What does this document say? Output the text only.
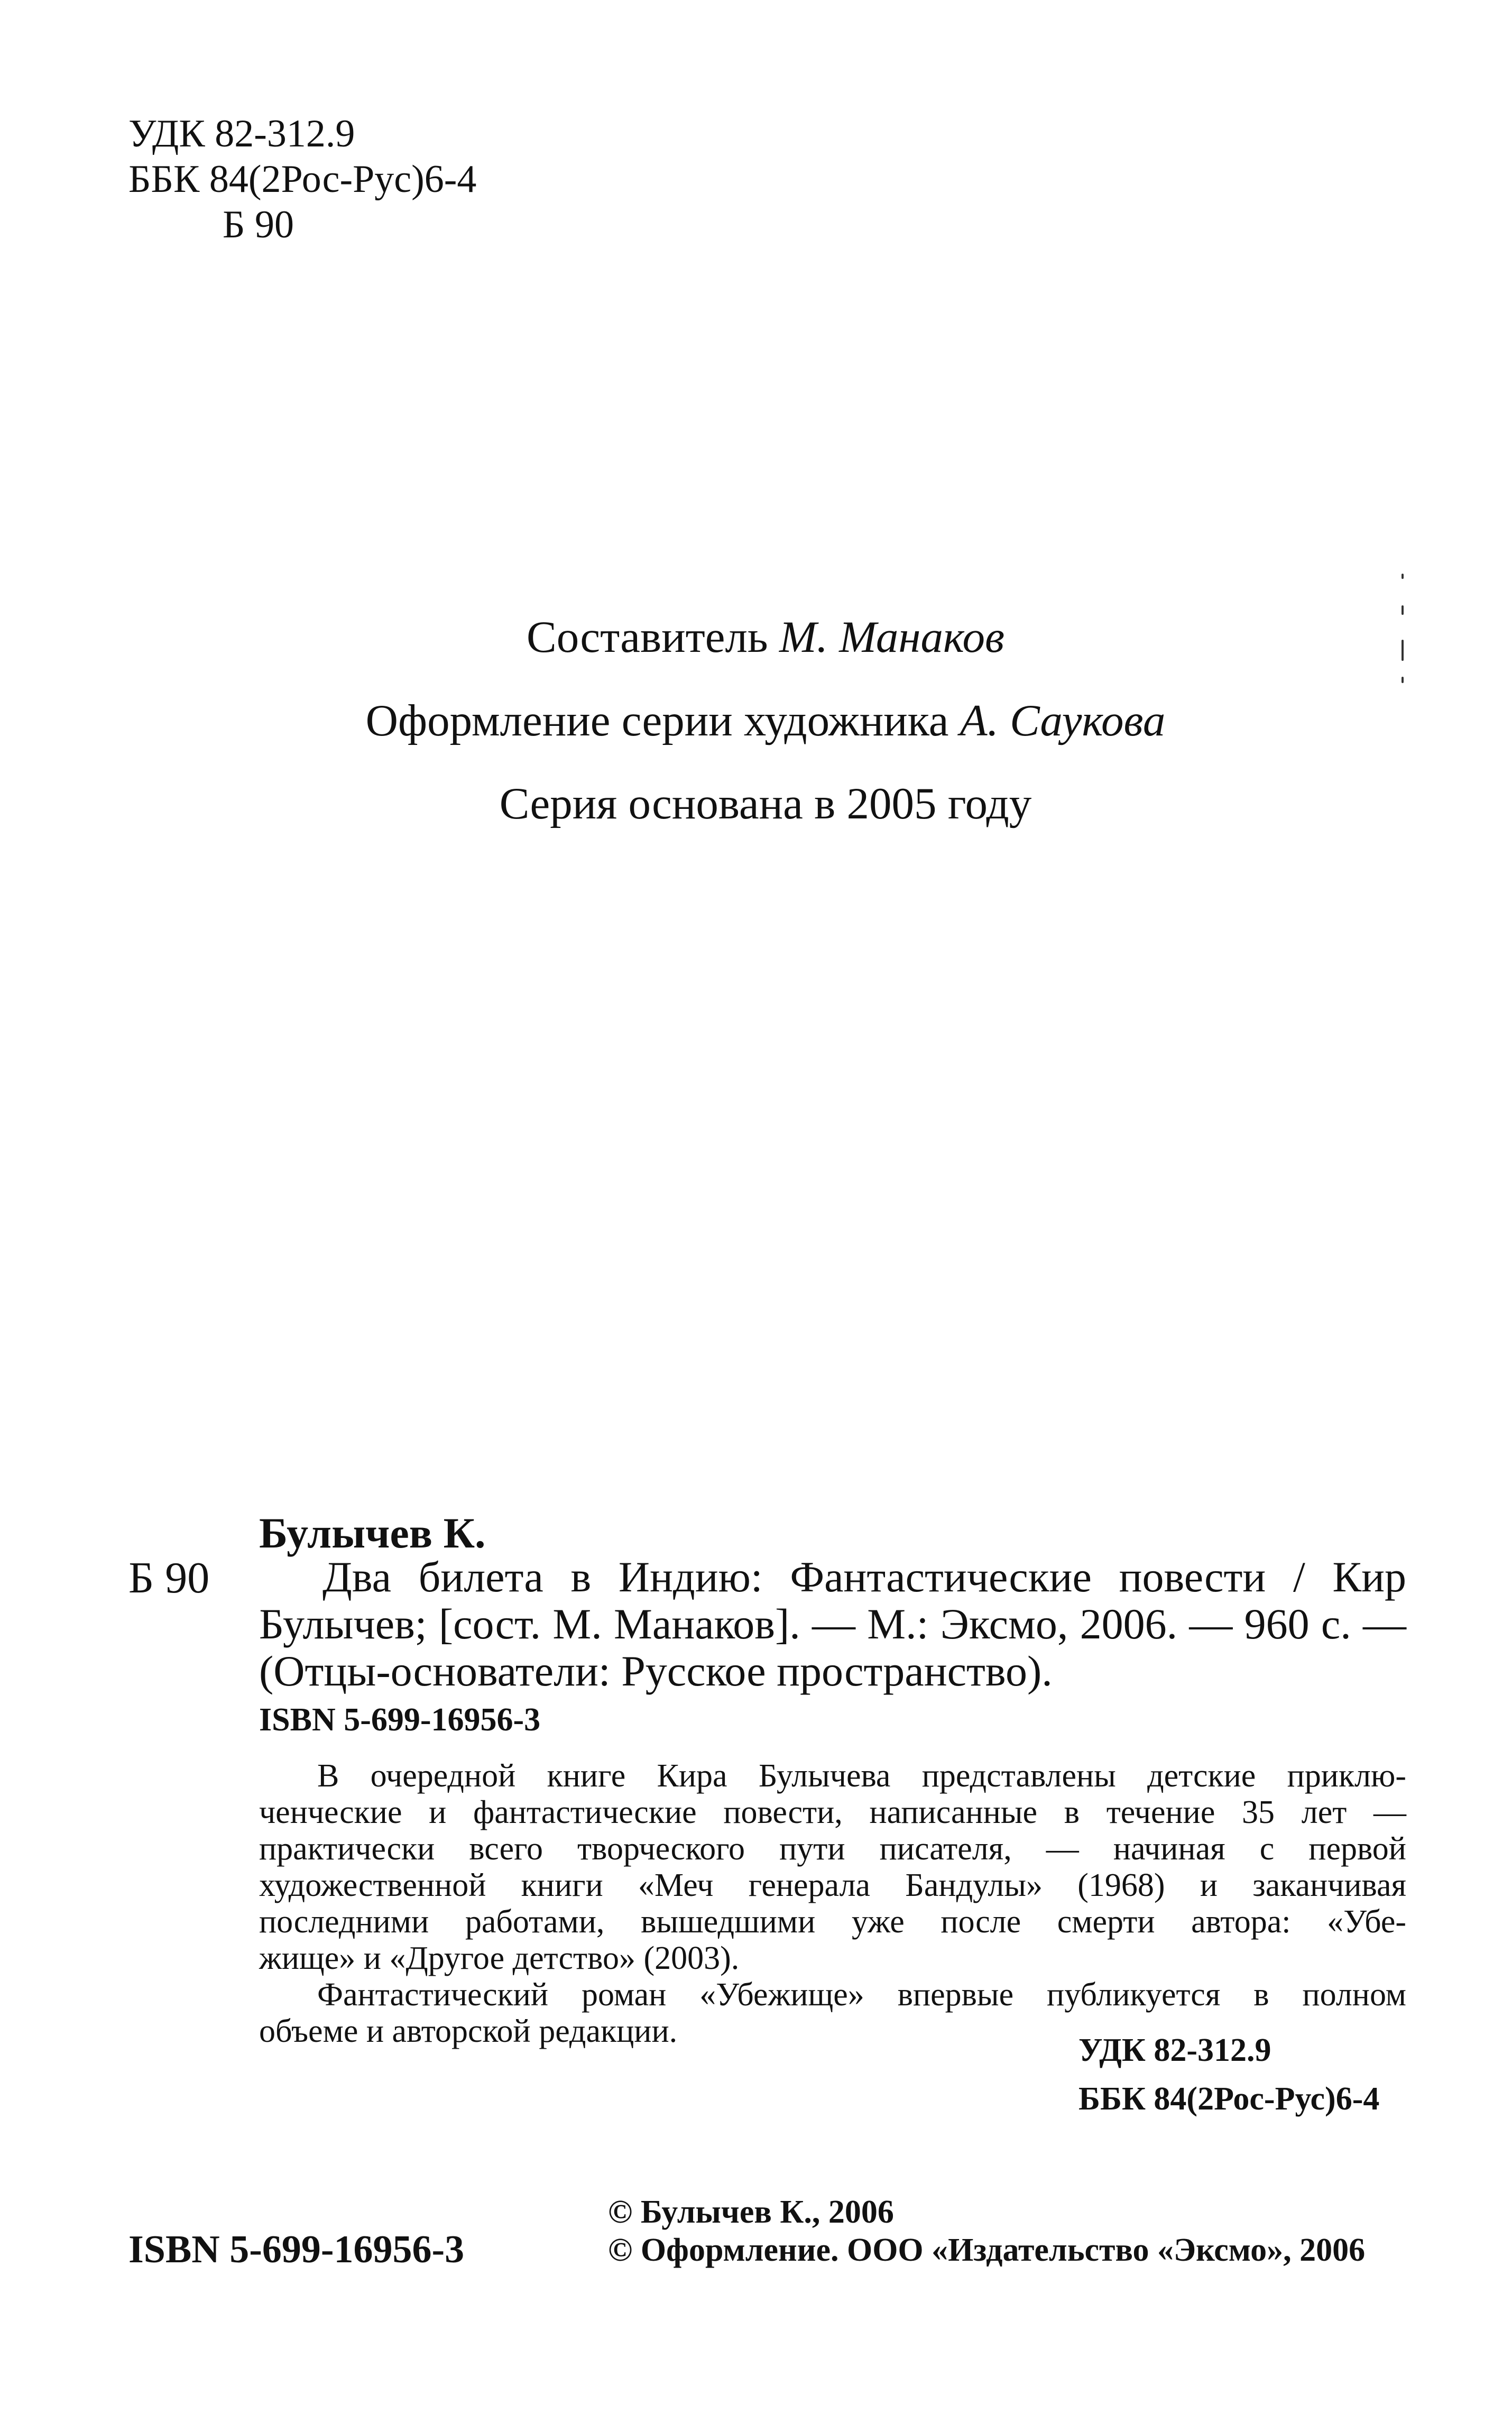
УДК 82-312.9
ББК 84(2Рос-Рус)6-4
Б 90
Составитель М. Манаков
Оформление серии художника А. Саукова
Серия основана в 2005 году
Б 90
Булычев К.
Два билета в Индию: Фантастические повести / Кир
Булычев; [сост. М. Манаков]. — М.: Эксмо, 2006. — 960 с. —
(Отцы-основатели: Русское пространство).
ISBN 5-699-16956-3
В очередной книге Кира Булычева представлены детские приклю-
ченческие и фантастические повести, написанные в течение 35 лет —
практически всего творческого пути писателя, — начиная с первой
художественной книги «Меч генерала Бандулы» (1968) и заканчивая
последними работами, вышедшими уже после смерти автора: «Убе-
жище» и «Другое детство» (2003).
Фантастический роман «Убежище» впервые публикуется в полном
объеме и авторской редакции.
УДК 82-312.9
ББК 84(2Рос-Рус)6-4
ISBN 5-699-16956-3
© Булычев К., 2006
© Оформление. ООО «Издательство «Эксмо», 2006
